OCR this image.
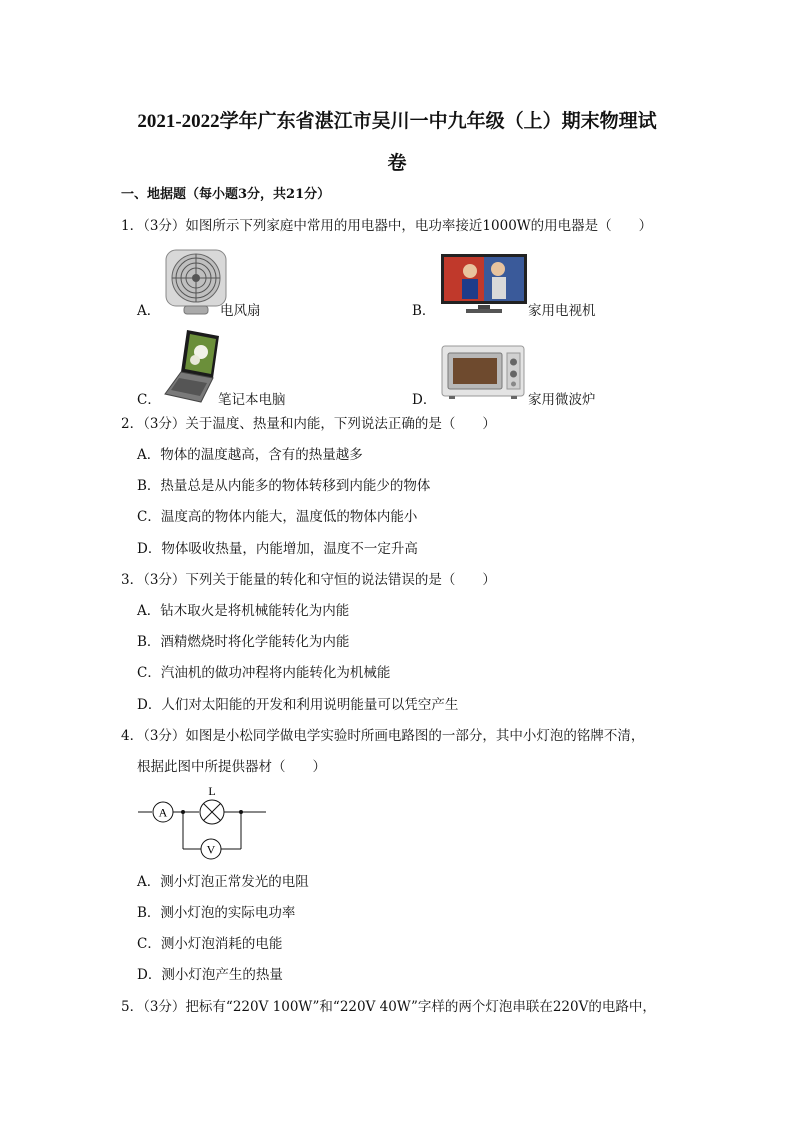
2021-2022学年广东省湛江市吴川一中九年级（上）期末物理试
卷
一、地据题（每小题3分，共21分）
1．（3分）如图所示下列家庭中常用的用电器中，电功率接近1000W的用电器是（　　）
A．	电风扇	B．	家用电视机
C．	笔记本电脑	D．	家用微波炉
2．（3分）关于温度、热量和内能，下列说法正确的是（　　）
A．物体的温度越高，含有的热量越多
B．热量总是从内能多的物体转移到内能少的物体
C．温度高的物体内能大，温度低的物体内能小
D．物体吸收热量，内能增加，温度不一定升高
3．（3分）下列关于能量的转化和守恒的说法错误的是（　　）
A．钻木取火是将机械能转化为内能
B．酒精燃烧时将化学能转化为内能
C．汽油机的做功冲程将内能转化为机械能
D．人们对太阳能的开发和利用说明能量可以凭空产生
4．（3分）如图是小松同学做电学实验时所画电路图的一部分，其中小灯泡的铭牌不清，
根据此图中所提供器材（　　）
A
L
V
A．测小灯泡正常发光的电阻
B．测小灯泡的实际电功率
C．测小灯泡消耗的电能
D．测小灯泡产生的热量
5．（3分）把标有“220V 100W”和“220V 40W”字样的两个灯泡串联在220V的电路中，
